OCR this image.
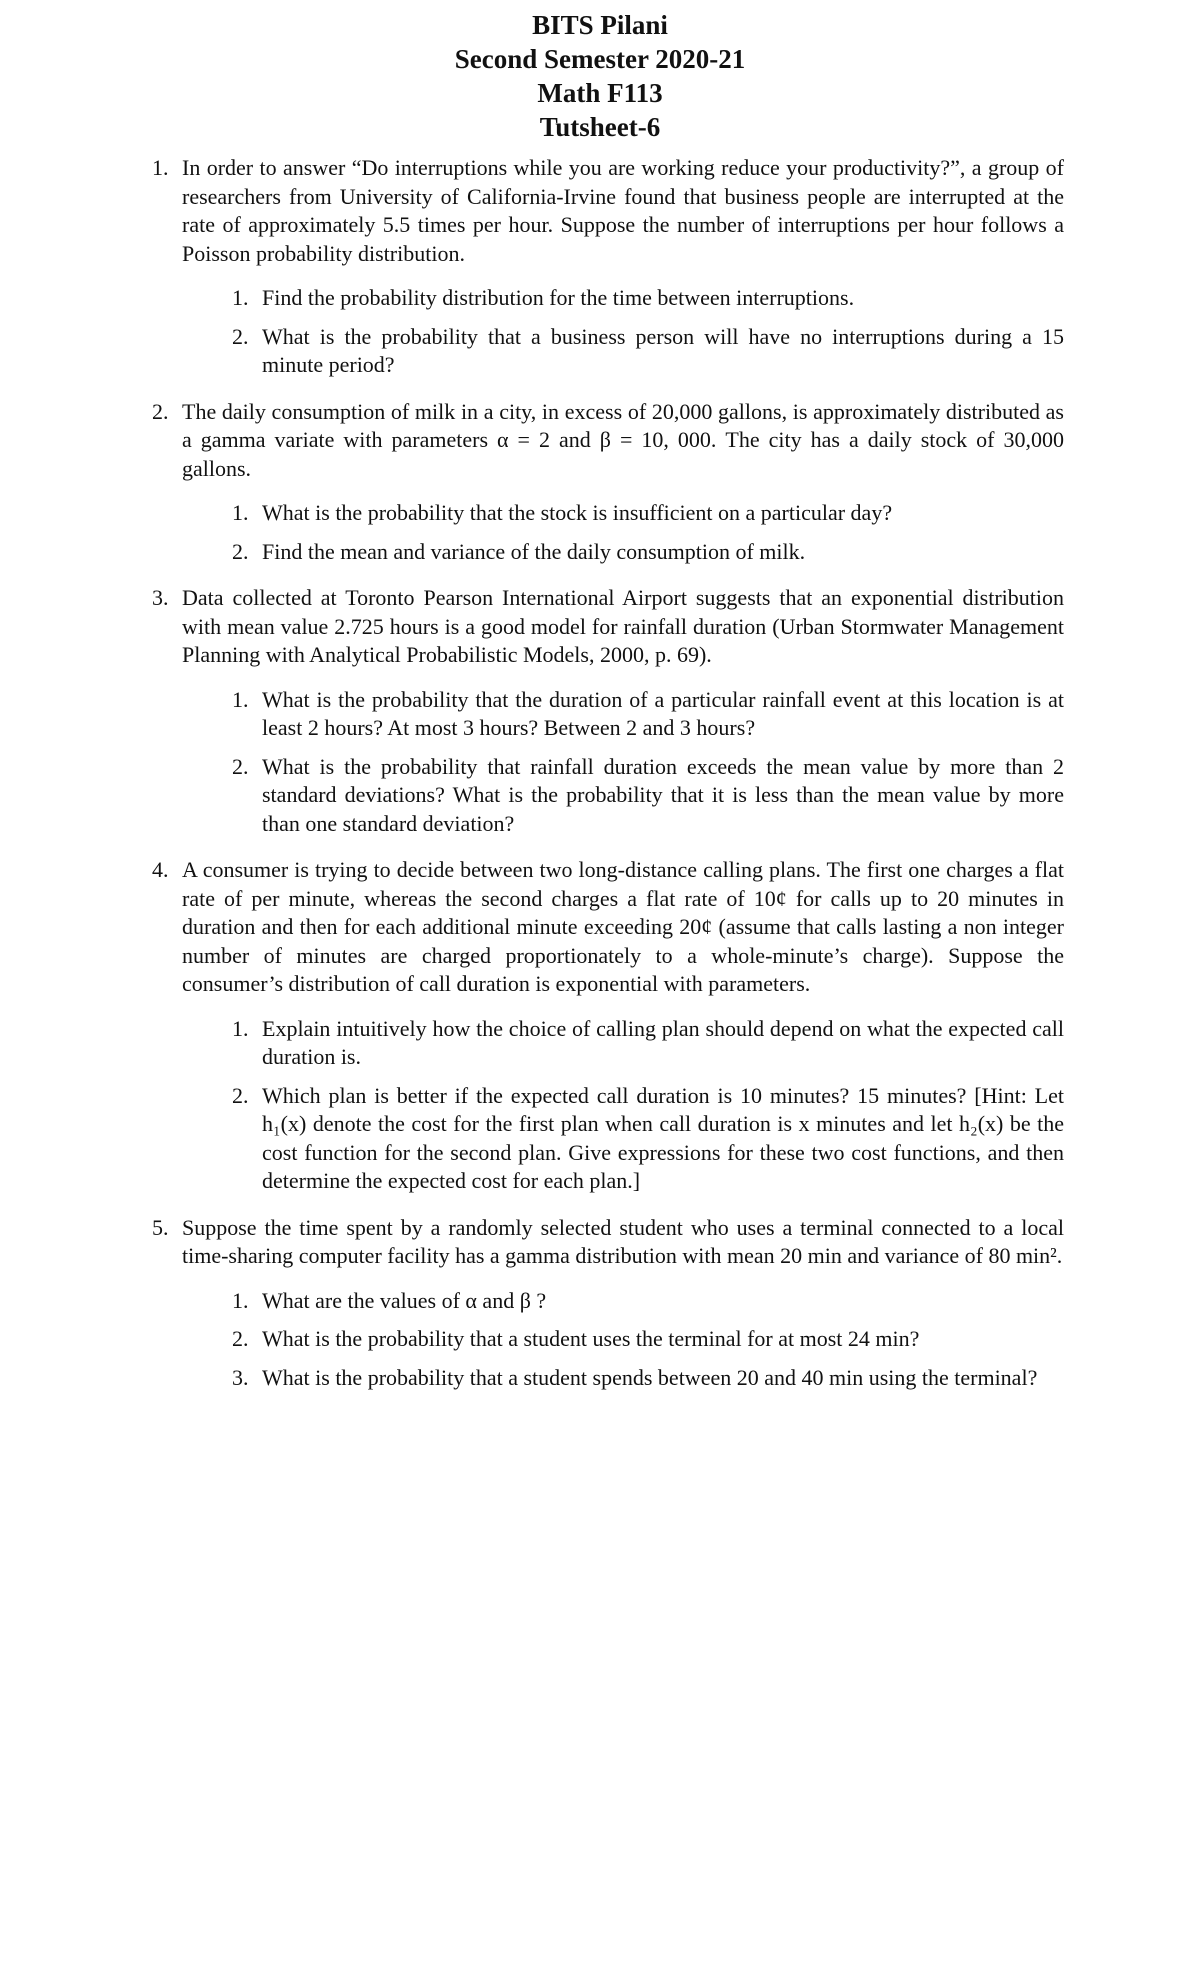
BITS Pilani
Second Semester 2020-21
Math F113
Tutsheet-6
1. In order to answer “Do interruptions while you are working reduce your productivity?”, a group of researchers from University of California-Irvine found that business people are interrupted at the rate of approximately 5.5 times per hour. Suppose the number of interruptions per hour follows a Poisson probability distribution.
1. Find the probability distribution for the time between interruptions.
2. What is the probability that a business person will have no interruptions during a 15 minute period?
2. The daily consumption of milk in a city, in excess of 20,000 gallons, is approximately distributed as a gamma variate with parameters α = 2 and β = 10, 000. The city has a daily stock of 30,000 gallons.
1. What is the probability that the stock is insufficient on a particular day?
2. Find the mean and variance of the daily consumption of milk.
3. Data collected at Toronto Pearson International Airport suggests that an exponential distribution with mean value 2.725 hours is a good model for rainfall duration (Urban Stormwater Management Planning with Analytical Probabilistic Models, 2000, p. 69).
1. What is the probability that the duration of a particular rainfall event at this location is at least 2 hours? At most 3 hours? Between 2 and 3 hours?
2. What is the probability that rainfall duration exceeds the mean value by more than 2 standard deviations? What is the probability that it is less than the mean value by more than one standard deviation?
4. A consumer is trying to decide between two long-distance calling plans. The first one charges a flat rate of per minute, whereas the second charges a flat rate of 10¢ for calls up to 20 minutes in duration and then for each additional minute exceeding 20¢ (assume that calls lasting a non integer number of minutes are charged proportionately to a whole-minute’s charge). Suppose the consumer’s distribution of call duration is exponential with parameters.
1. Explain intuitively how the choice of calling plan should depend on what the expected call duration is.
2. Which plan is better if the expected call duration is 10 minutes? 15 minutes? [Hint: Let h₁(x) denote the cost for the first plan when call duration is x minutes and let h₂(x) be the cost function for the second plan. Give expressions for these two cost functions, and then determine the expected cost for each plan.]
5. Suppose the time spent by a randomly selected student who uses a terminal connected to a local time-sharing computer facility has a gamma distribution with mean 20 min and variance of 80 min².
1. What are the values of α and β ?
2. What is the probability that a student uses the terminal for at most 24 min?
3. What is the probability that a student spends between 20 and 40 min using the terminal?
